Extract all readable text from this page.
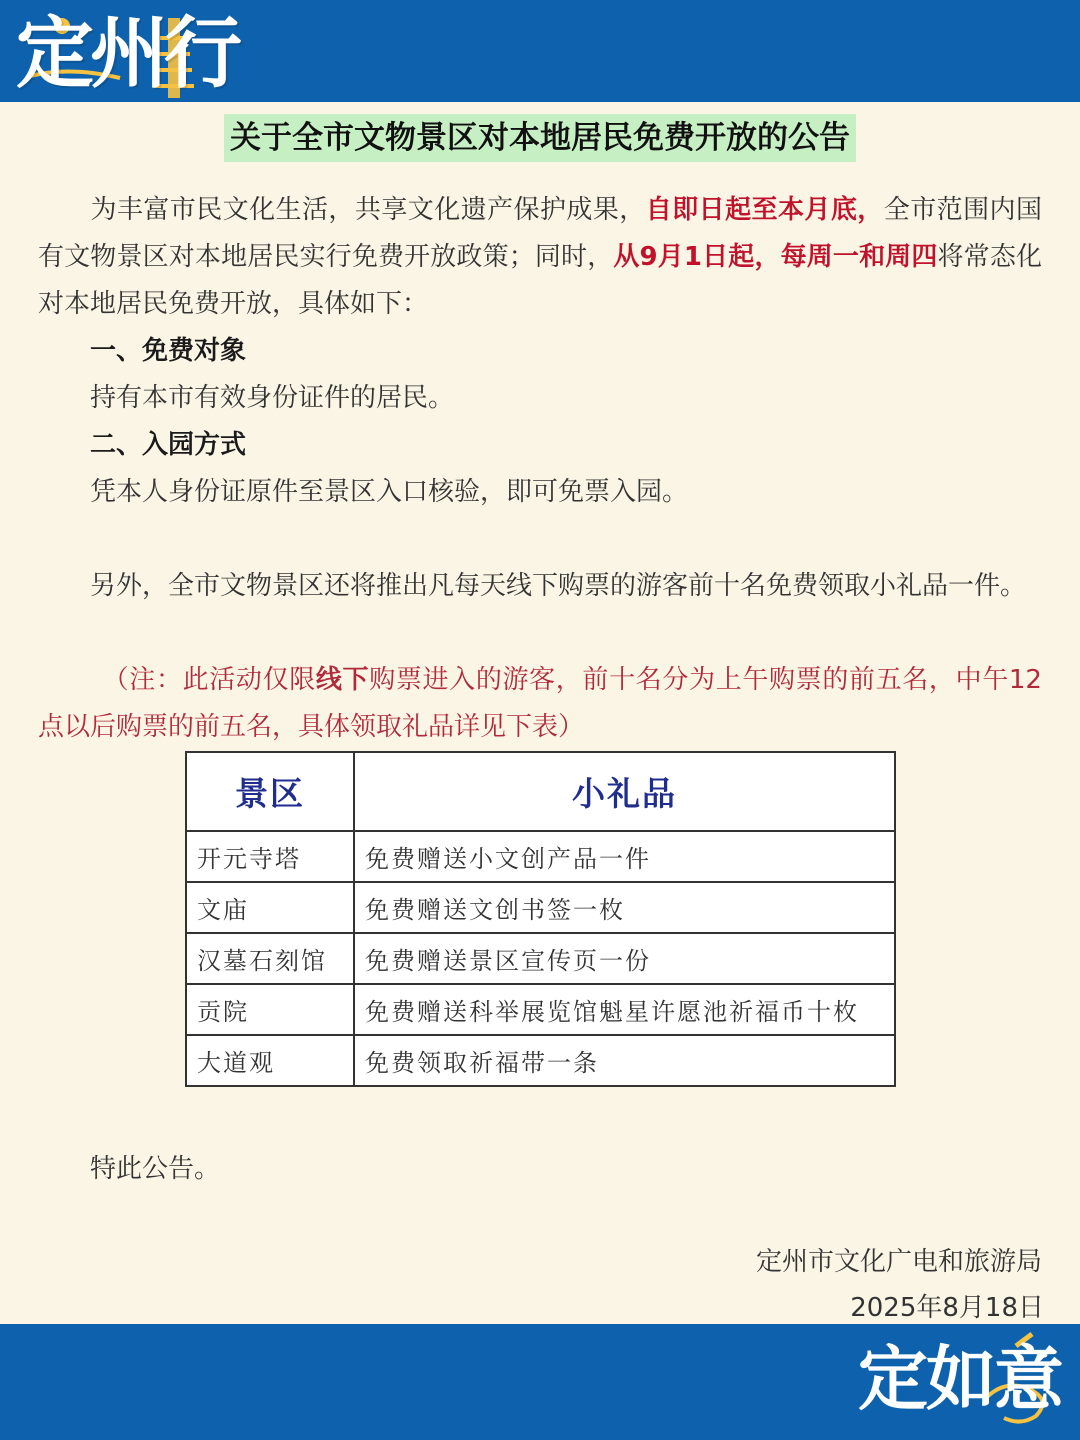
定州行
关于全市文物景区对本地居民免费开放的公告
为丰富市民文化生活，共享文化遗产保护成果，自即日起至本月底，全市范围内国有文物景区对本地居民实行免费开放政策；同时，从9月1日起，每周一和周四将常态化对本地居民免费开放，具体如下：
一、免费对象
持有本市有效身份证件的居民。
二、入园方式
凭本人身份证原件至景区入口核验，即可免票入园。
另外，全市文物景区还将推出凡每天线下购票的游客前十名免费领取小礼品一件。
（注：此活动仅限线下购票进入的游客，前十名分为上午购票的前五名，中午12点以后购票的前五名，具体领取礼品详见下表）
景区	小礼品
开元寺塔	免费赠送小文创产品一件
文庙	免费赠送文创书签一枚
汉墓石刻馆	免费赠送景区宣传页一份
贡院	免费赠送科举展览馆魁星许愿池祈福币十枚
大道观	免费领取祈福带一条
特此公告。
定州市文化广电和旅游局
定如意
2025年8月18日
